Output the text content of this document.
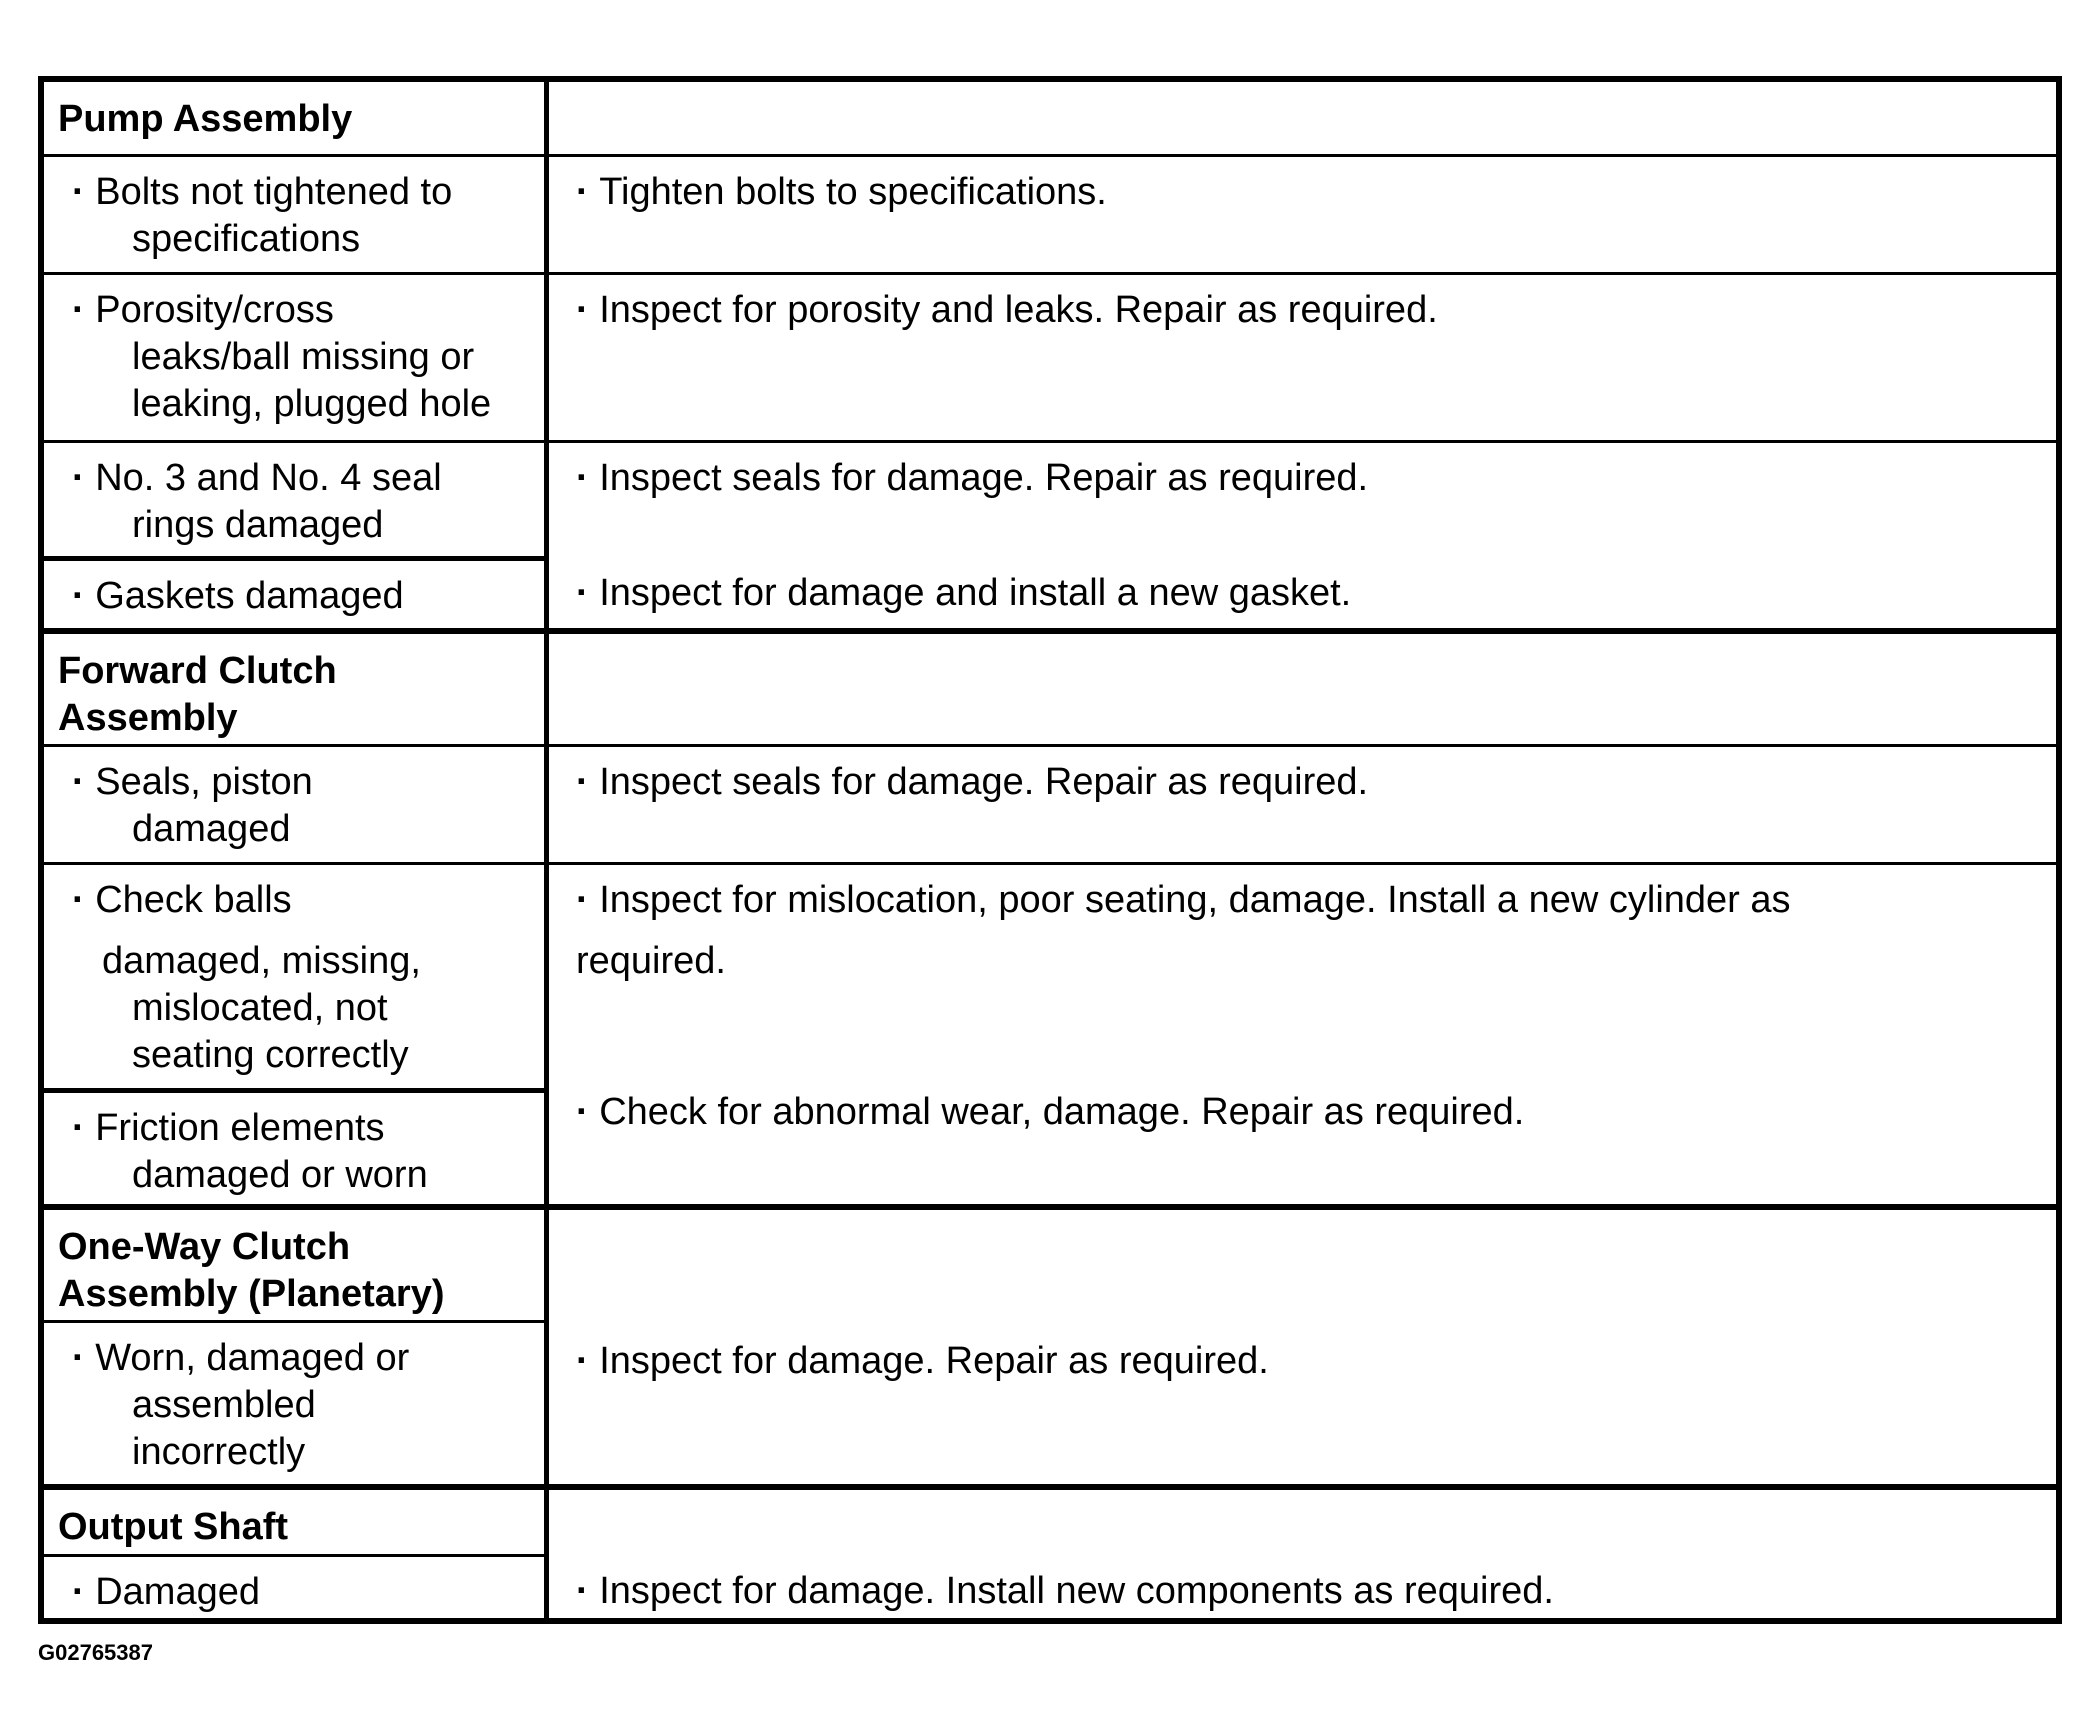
Pump Assembly
· Bolts not tightened to
specifications
· Tighten bolts to specifications.
· Porosity/cross
leaks/ball missing or
leaking, plugged hole
· Inspect for porosity and leaks. Repair as required.
· No. 3 and No. 4 seal
rings damaged
· Inspect seals for damage. Repair as required.
· Inspect for damage and install a new gasket.
· Gaskets damaged
Forward Clutch
Assembly
· Seals, piston
damaged
· Inspect seals for damage. Repair as required.
· Check balls
damaged, missing,
mislocated, not
seating correctly
· Inspect for mislocation, poor seating, damage. Install a new cylinder as
required.
· Check for abnormal wear, damage. Repair as required.
· Friction elements
damaged or worn
One-Way Clutch
Assembly (Planetary)
· Inspect for damage. Repair as required.
· Worn, damaged or
assembled
incorrectly
Output Shaft
· Inspect for damage. Install new components as required.
· Damaged
G02765387
